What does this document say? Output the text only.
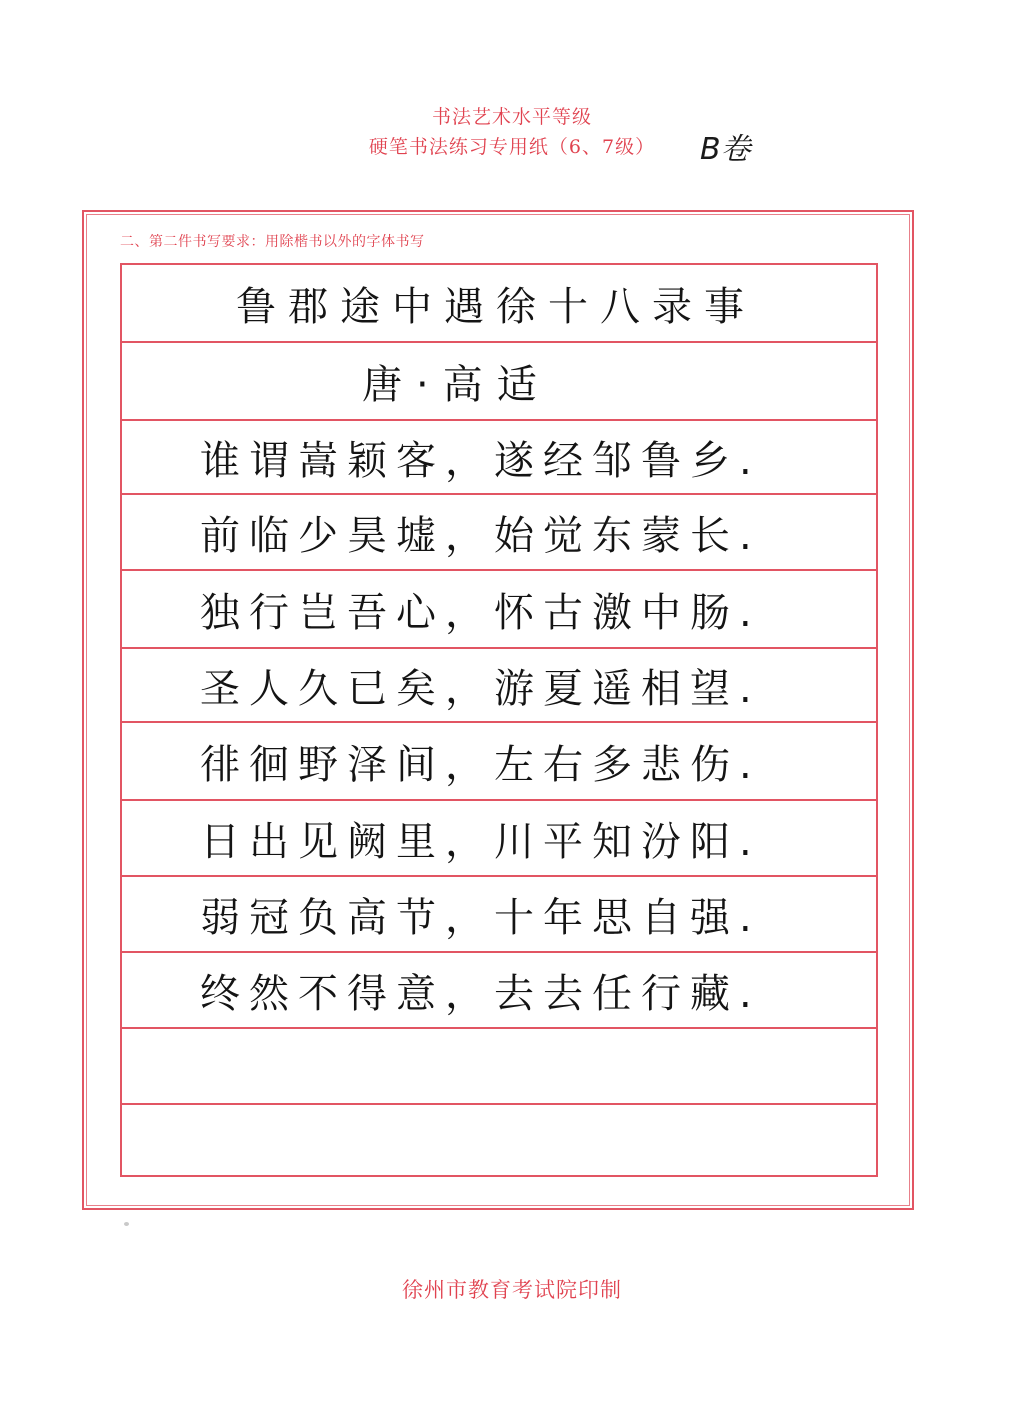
书法艺术水平等级
硬笔书法练习专用纸（6、7级）	B卷
二、第二件书写要求：用除楷书以外的字体书写
鲁郡途中遇徐十八录事
唐·高适
谁谓嵩颖客，遂经邹鲁乡.
前临少昊墟，始觉东蒙长.
独行岂吾心，怀古激中肠.
圣人久已矣，游夏遥相望.
徘徊野泽间，左右多悲伤.
日出见阙里，川平知汾阳.
弱冠负高节，十年思自强.
终然不得意，去去任行藏.
徐州市教育考试院印制
